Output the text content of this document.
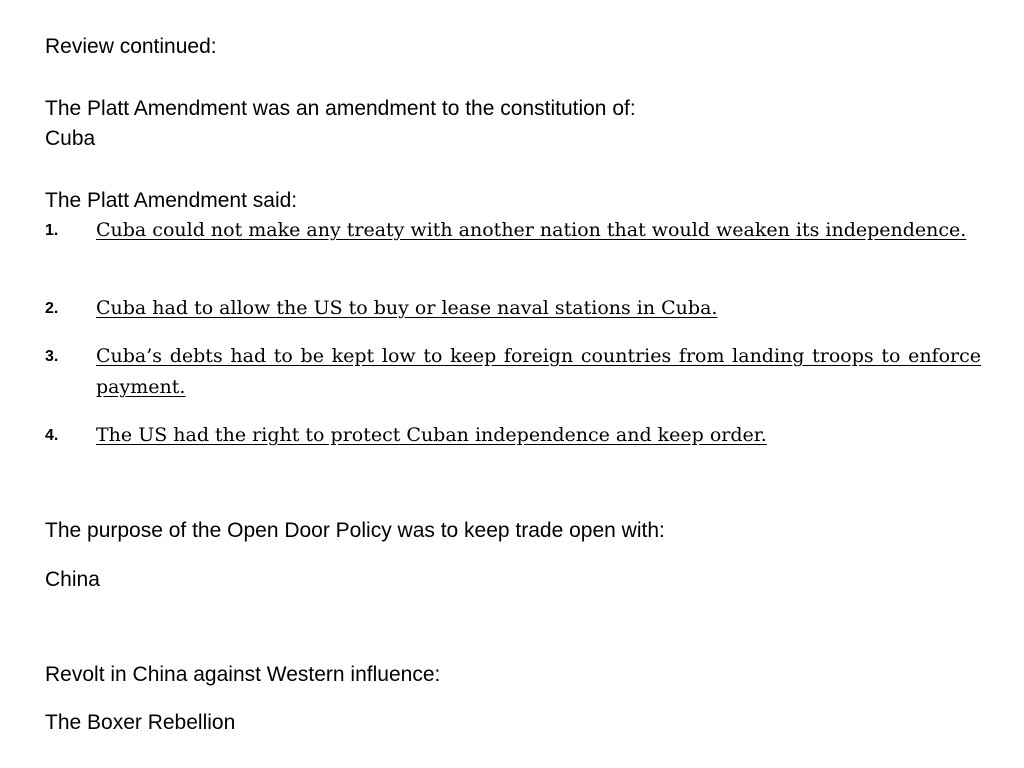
Review continued:
The Platt Amendment was an amendment to the constitution of:
Cuba
The Platt Amendment said:
1. Cuba could not make any treaty with another nation that would weaken its independence.
2. Cuba had to allow the US to buy or lease naval stations in Cuba.
3. Cuba’s debts had to be kept low to keep foreign countries from landing troops to enforce payment.
4. The US had the right to protect Cuban independence and keep order.
The purpose of the Open Door Policy was to keep trade open with:
China
Revolt in China against Western influence:
The Boxer Rebellion
